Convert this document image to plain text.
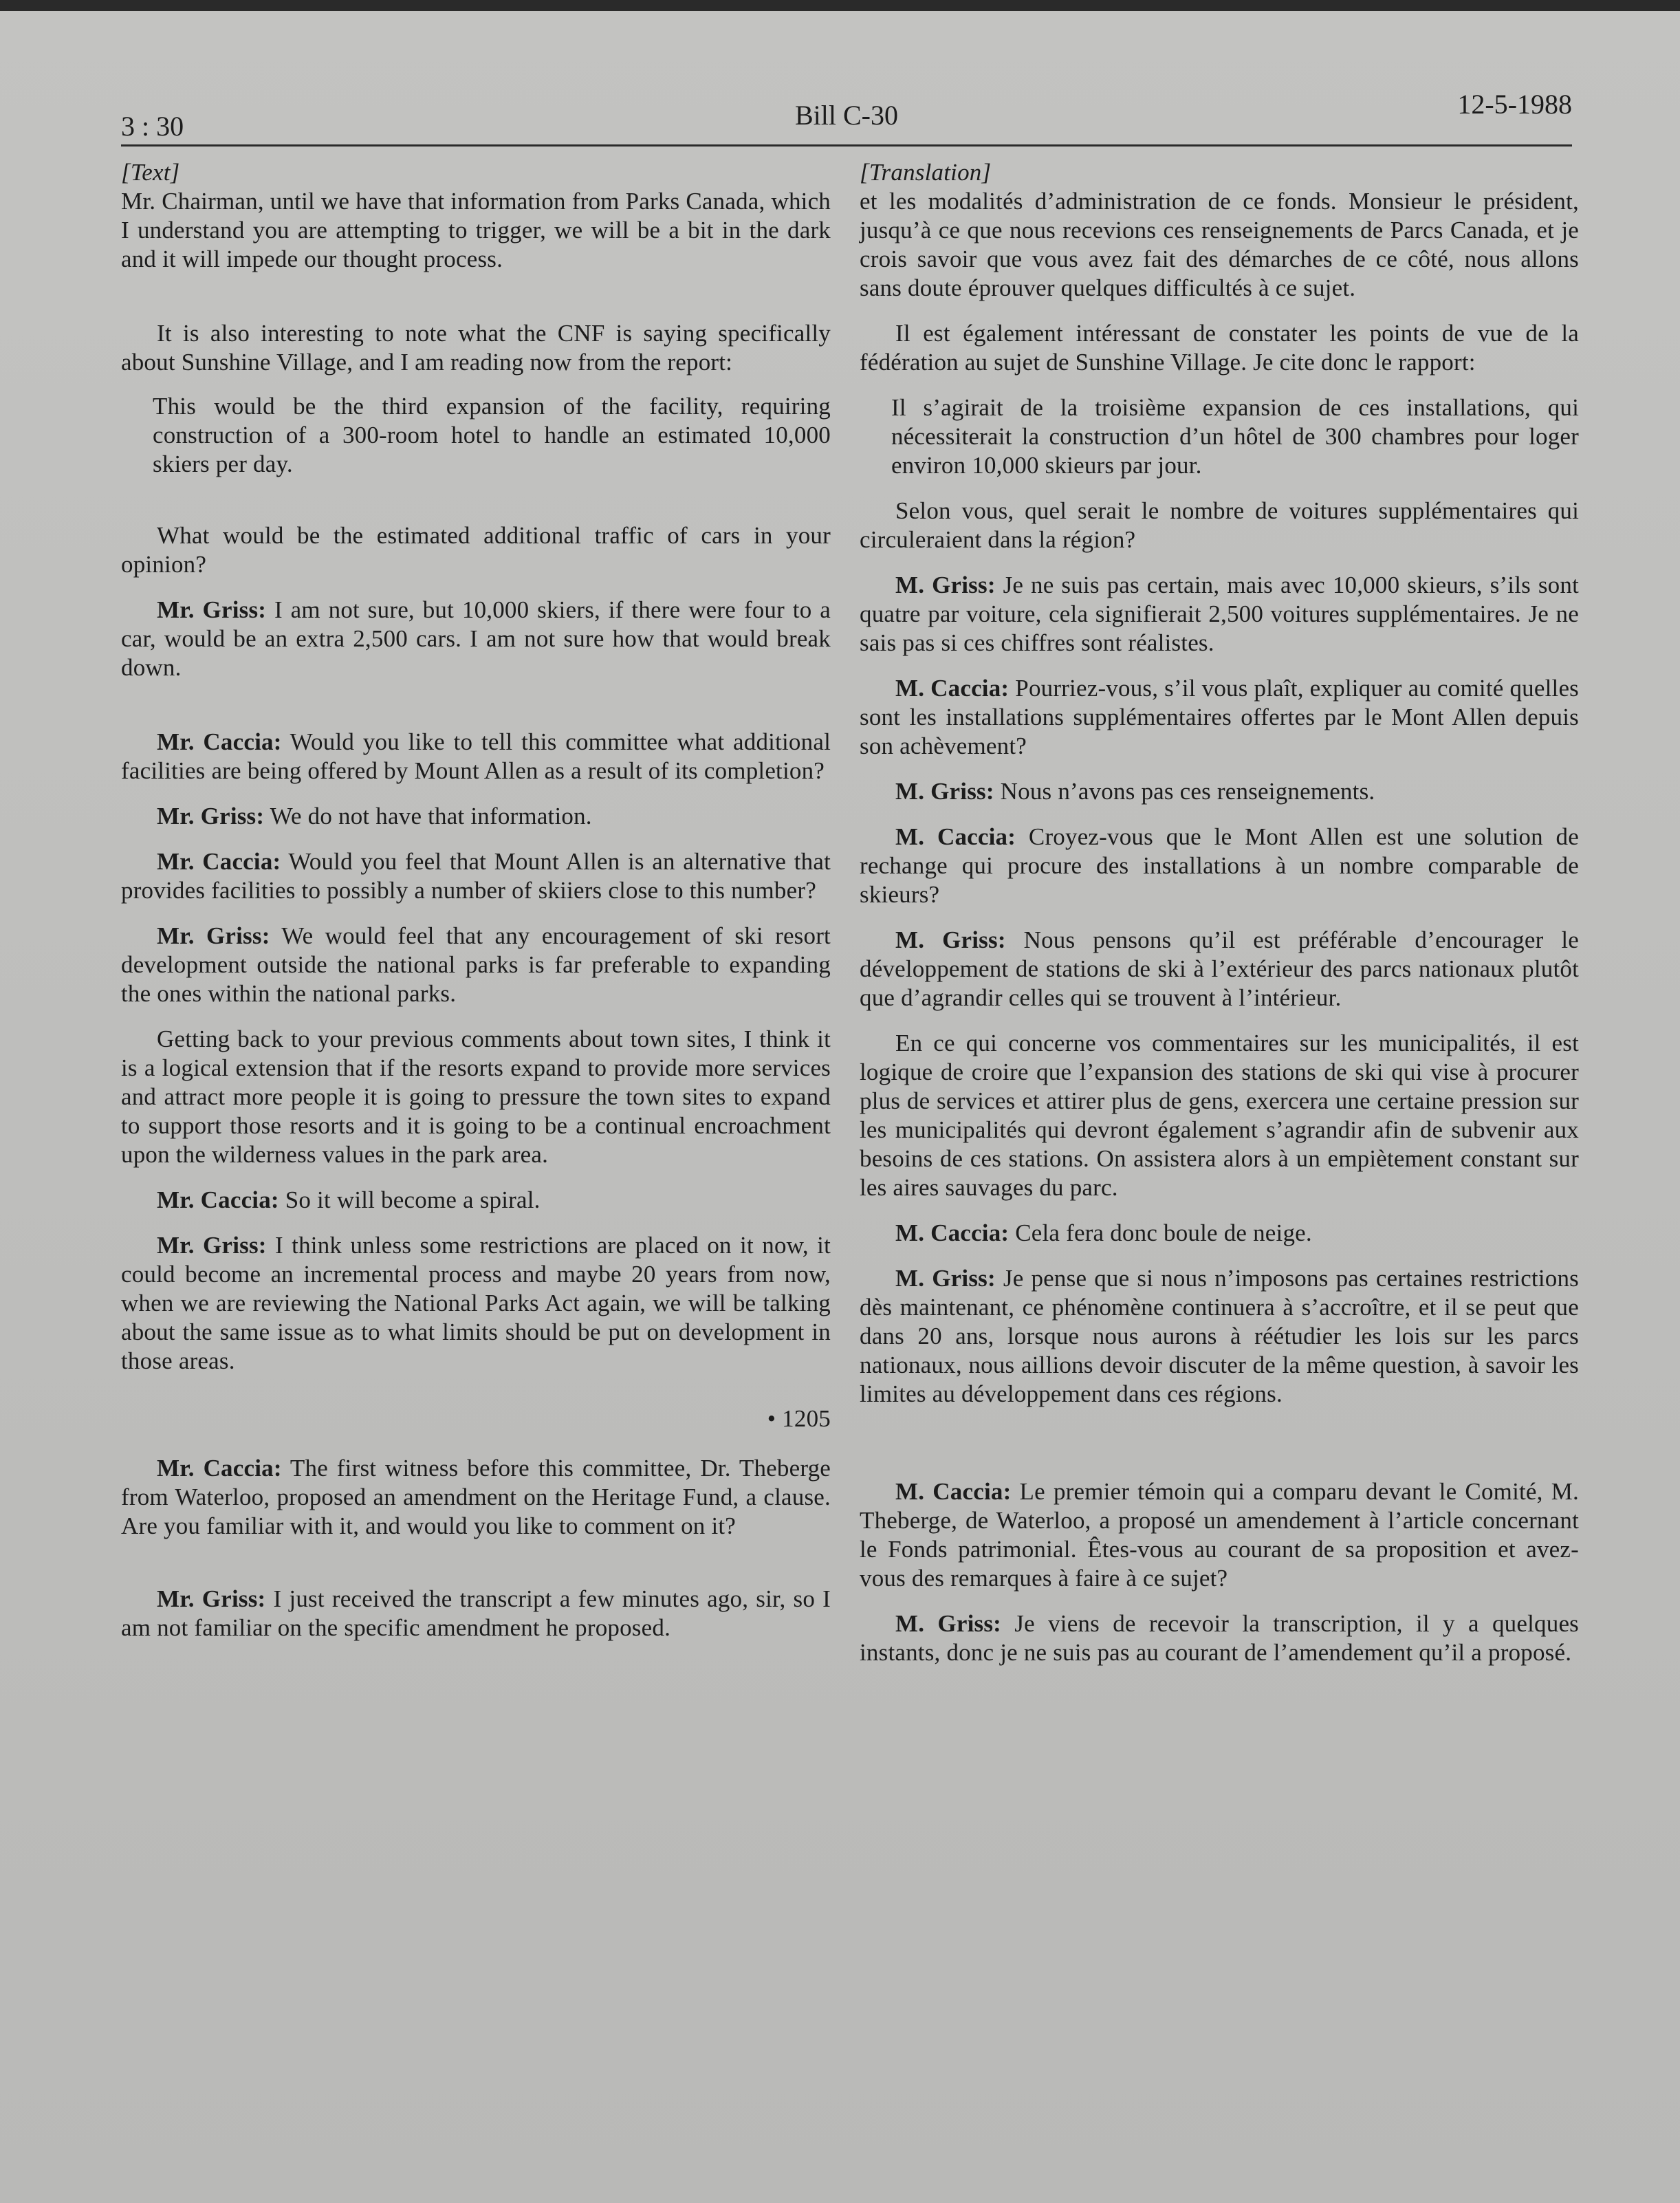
3 : 30	Bill C-30	12-5-1988

[Text]

Mr. Chairman, until we have that information from Parks Canada, which I understand you are attempting to trigger, we will be a bit in the dark and it will impede our thought process.

It is also interesting to note what the CNF is saying specifically about Sunshine Village, and I am reading now from the report:

This would be the third expansion of the facility, requiring construction of a 300-room hotel to handle an estimated 10,000 skiers per day.

What would be the estimated additional traffic of cars in your opinion?

Mr. Griss: I am not sure, but 10,000 skiers, if there were four to a car, would be an extra 2,500 cars. I am not sure how that would break down.

Mr. Caccia: Would you like to tell this committee what additional facilities are being offered by Mount Allen as a result of its completion?

Mr. Griss: We do not have that information.

Mr. Caccia: Would you feel that Mount Allen is an alternative that provides facilities to possibly a number of skiiers close to this number?

Mr. Griss: We would feel that any encouragement of ski resort development outside the national parks is far preferable to expanding the ones within the national parks.

Getting back to your previous comments about town sites, I think it is a logical extension that if the resorts expand to provide more services and attract more people it is going to pressure the town sites to expand to support those resorts and it is going to be a continual encroachment upon the wilderness values in the park area.

Mr. Caccia: So it will become a spiral.

Mr. Griss: I think unless some restrictions are placed on it now, it could become an incremental process and maybe 20 years from now, when we are reviewing the National Parks Act again, we will be talking about the same issue as to what limits should be put on development in those areas.

• 1205

Mr. Caccia: The first witness before this committee, Dr. Theberge from Waterloo, proposed an amendment on the Heritage Fund, a clause. Are you familiar with it, and would you like to comment on it?

Mr. Griss: I just received the transcript a few minutes ago, sir, so I am not familiar on the specific amendment he proposed.

[Translation]

et les modalités d’administration de ce fonds. Monsieur le président, jusqu’à ce que nous recevions ces renseignements de Parcs Canada, et je crois savoir que vous avez fait des démarches de ce côté, nous allons sans doute éprouver quelques difficultés à ce sujet.

Il est également intéressant de constater les points de vue de la fédération au sujet de Sunshine Village. Je cite donc le rapport:

Il s’agirait de la troisième expansion de ces installations, qui nécessiterait la construction d’un hôtel de 300 chambres pour loger environ 10,000 skieurs par jour.

Selon vous, quel serait le nombre de voitures supplémentaires qui circuleraient dans la région?

M. Griss: Je ne suis pas certain, mais avec 10,000 skieurs, s’ils sont quatre par voiture, cela signifierait 2,500 voitures supplémentaires. Je ne sais pas si ces chiffres sont réalistes.

M. Caccia: Pourriez-vous, s’il vous plaît, expliquer au comité quelles sont les installations supplémentaires offertes par le Mont Allen depuis son achèvement?

M. Griss: Nous n’avons pas ces renseignements.

M. Caccia: Croyez-vous que le Mont Allen est une solution de rechange qui procure des installations à un nombre comparable de skieurs?

M. Griss: Nous pensons qu’il est préférable d’encourager le développement de stations de ski à l’extérieur des parcs nationaux plutôt que d’agrandir celles qui se trouvent à l’intérieur.

En ce qui concerne vos commentaires sur les municipalités, il est logique de croire que l’expansion des stations de ski qui vise à procurer plus de services et attirer plus de gens, exercera une certaine pression sur les municipalités qui devront également s’agrandir afin de subvenir aux besoins de ces stations. On assistera alors à un empiètement constant sur les aires sauvages du parc.

M. Caccia: Cela fera donc boule de neige.

M. Griss: Je pense que si nous n’imposons pas certaines restrictions dès maintenant, ce phénomène continuera à s’accroître, et il se peut que dans 20 ans, lorsque nous aurons à réétudier les lois sur les parcs nationaux, nous aillions devoir discuter de la même question, à savoir les limites au développement dans ces régions.

M. Caccia: Le premier témoin qui a comparu devant le Comité, M. Theberge, de Waterloo, a proposé un amendement à l’article concernant le Fonds patrimonial. Êtes-vous au courant de sa proposition et avez-vous des remarques à faire à ce sujet?

M. Griss: Je viens de recevoir la transcription, il y a quelques instants, donc je ne suis pas au courant de l’amendement qu’il a proposé.
